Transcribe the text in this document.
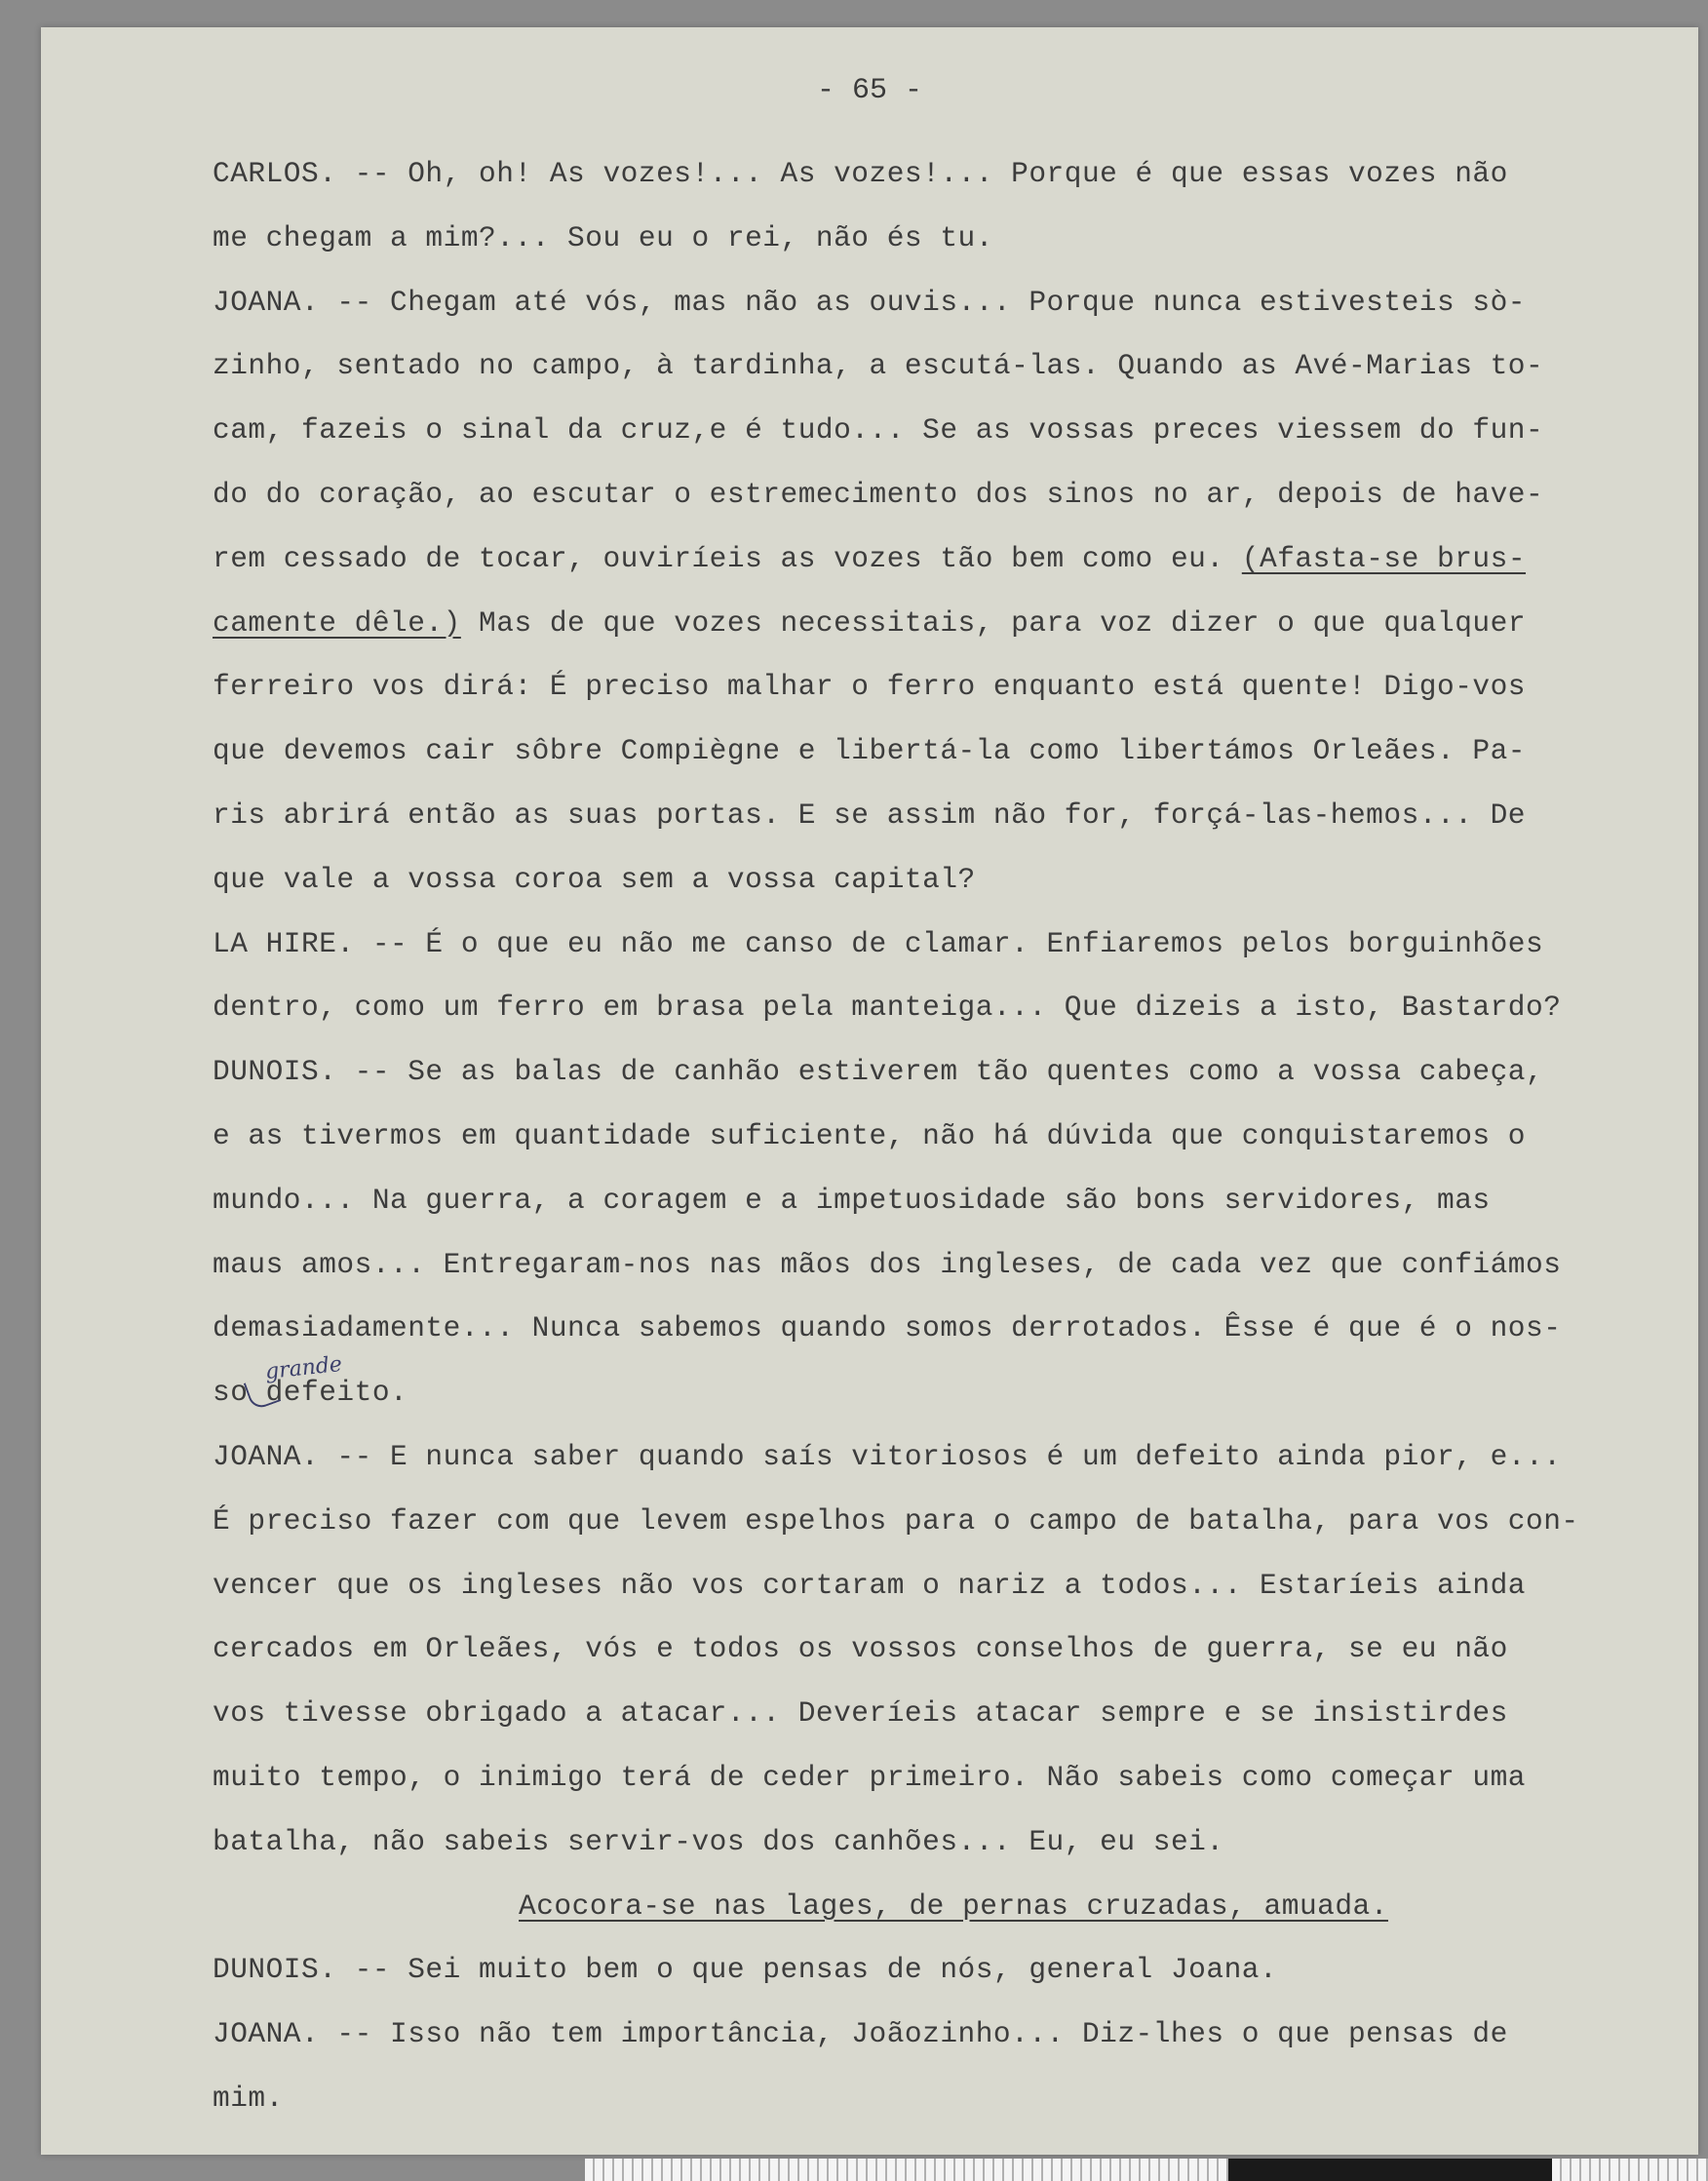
- 65 -
CARLOS. -- Oh, oh! As vozes!... As vozes!... Porque é que essas vozes não
me chegam a mim?... Sou eu o rei, não és tu.
JOANA. -- Chegam até vós, mas não as ouvis... Porque nunca estivesteis sò-
zinho, sentado no campo, à tardinha, a escutá-las. Quando as Avé-Marias to-
cam, fazeis o sinal da cruz,e é tudo... Se as vossas preces viessem do fun-
do do coração, ao escutar o estremecimento dos sinos no ar, depois de have-
rem cessado de tocar, ouviríeis as vozes tão bem como eu. (Afasta-se brus-
camente dêle.) Mas de que vozes necessitais, para voz dizer o que qualquer
ferreiro vos dirá: É preciso malhar o ferro enquanto está quente! Digo-vos
que devemos cair sôbre Compiègne e libertá-la como libertámos Orleães. Pa-
ris abrirá então as suas portas. E se assim não for, forçá-las-hemos... De
que vale a vossa coroa sem a vossa capital?
LA HIRE. -- É o que eu não me canso de clamar. Enfiaremos pelos borguinhões
dentro, como um ferro em brasa pela manteiga... Que dizeis a isto, Bastardo?
DUNOIS. -- Se as balas de canhão estiverem tão quentes como a vossa cabeça,
e as tivermos em quantidade suficiente, não há dúvida que conquistaremos o
mundo... Na guerra, a coragem e a impetuosidade são bons servidores, mas
maus amos... Entregaram-nos nas mãos dos ingleses, de cada vez que confiámos
demasiadamente... Nunca sabemos quando somos derrotados. Êsse é que é o nos-
so defeito.
JOANA. -- E nunca saber quando saís vitoriosos é um defeito ainda pior, e...
É preciso fazer com que levem espelhos para o campo de batalha, para vos con-
vencer que os ingleses não vos cortaram o nariz a todos... Estaríeis ainda
cercados em Orleães, vós e todos os vossos conselhos de guerra, se eu não
vos tivesse obrigado a atacar... Deveríeis atacar sempre e se insistirdes
muito tempo, o inimigo terá de ceder primeiro. Não sabeis como começar uma
batalha, não sabeis servir-vos dos canhões... Eu, eu sei.
Acocora-se nas lages, de pernas cruzadas, amuada.
DUNOIS. -- Sei muito bem o que pensas de nós, general Joana.
JOANA. -- Isso não tem importância, Joãozinho... Diz-lhes o que pensas de
mim.
grande
